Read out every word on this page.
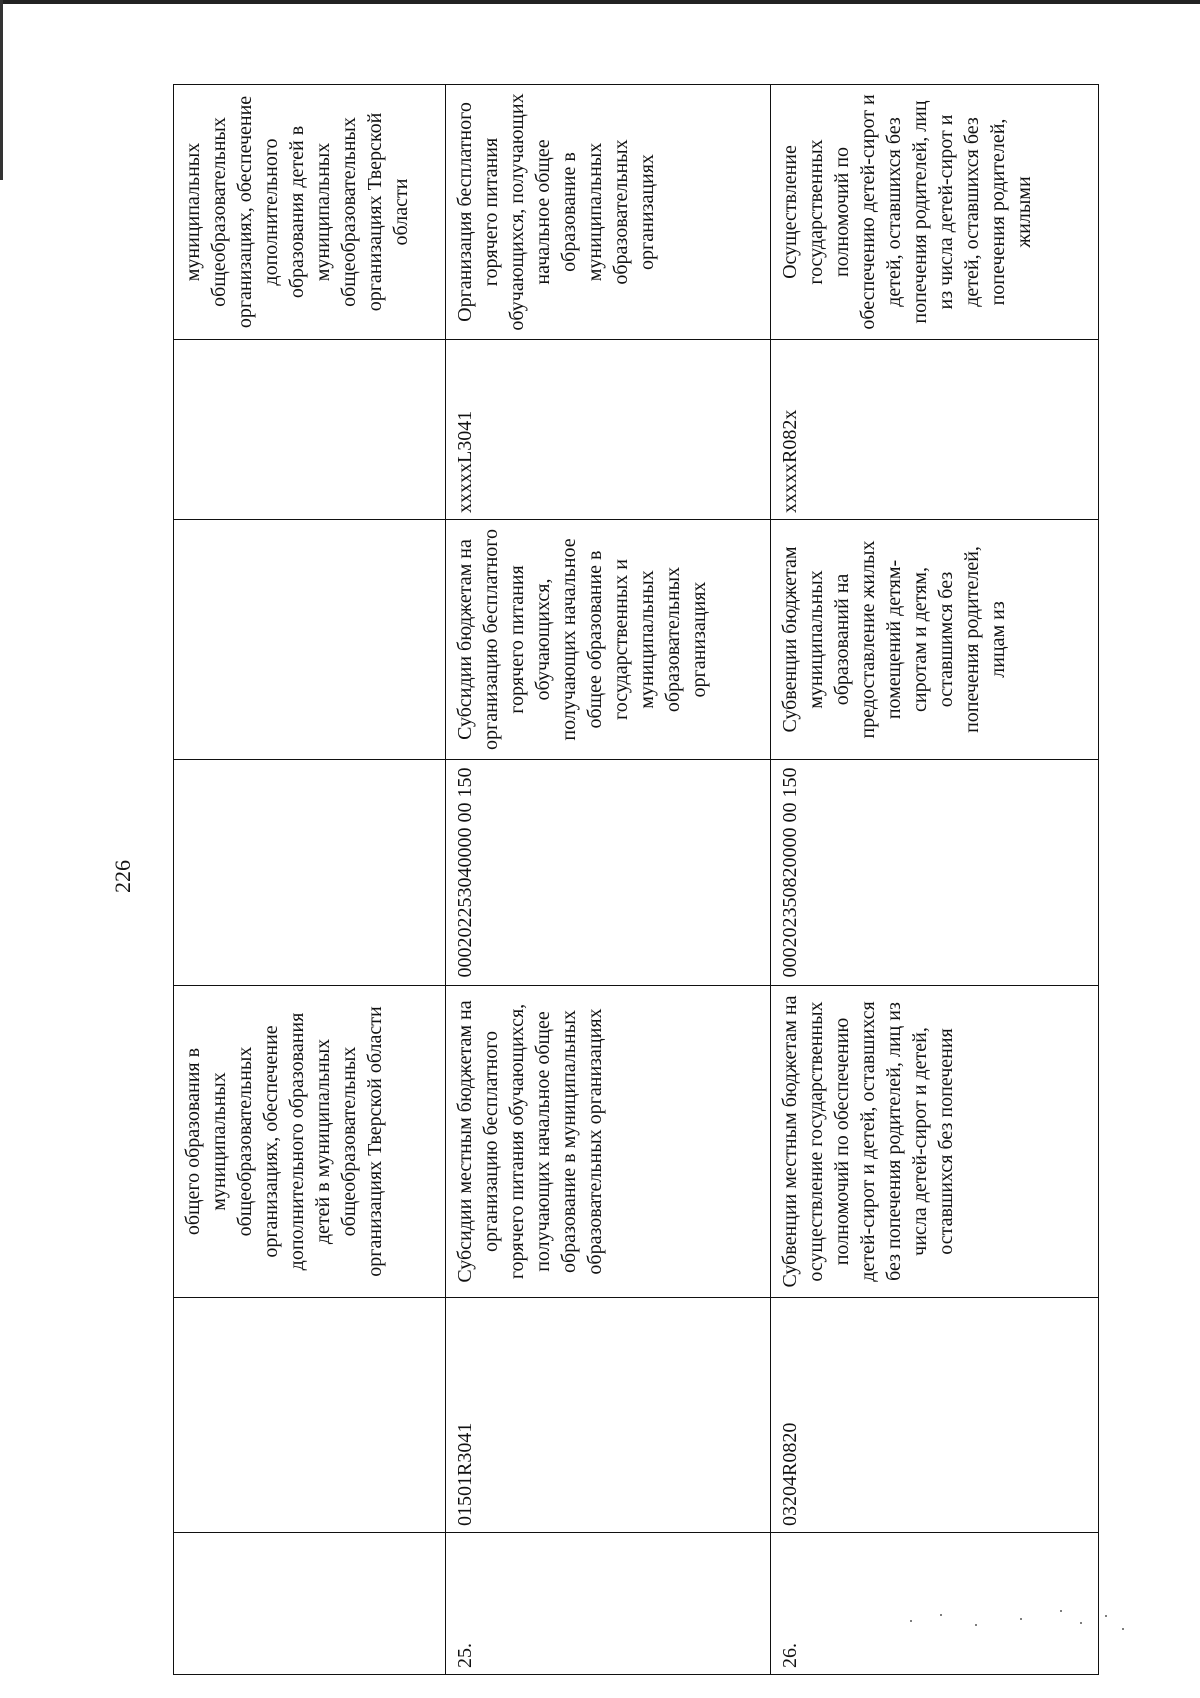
226
		общего образования в муниципальных общеобразовательных организациях, обеспечение дополнительного образования детей в муниципальных общеобразовательных организациях Тверской области				муниципальных общеобразовательных организациях, обеспечение дополнительного образования детей в муниципальных общеобразовательных организациях Тверской области
25.	01501R3041	Субсидии местным бюджетам на организацию бесплатного горячего питания обучающихся, получающих начальное общее образование в муниципальных образовательных организациях	000202253040000 00 150	Субсидии бюджетам на организацию бесплатного горячего питания обучающихся, получающих начальное общее образование в государственных и муниципальных образовательных организациях	xxxxxL3041	Организация бесплатного горячего питания обучающихся, получающих начальное общее образование в муниципальных образовательных организациях
26.	03204R0820	Субвенции местным бюджетам на осуществление государственных полномочий по обеспечению детей-сирот и детей, оставшихся без попечения родителей, лиц из числа детей-сирот и детей, оставшихся без попечения	000202350820000 00 150	Субвенции бюджетам муниципальных образований на предоставление жилых помещений детям-сиротам и детям, оставшимся без попечения родителей, лицам из	xxxxxR082x	Осуществление государственных полномочий по обеспечению детей-сирот и детей, оставшихся без попечения родителей, лиц из числа детей-сирот и детей, оставшихся без попечения родителей, жилыми
